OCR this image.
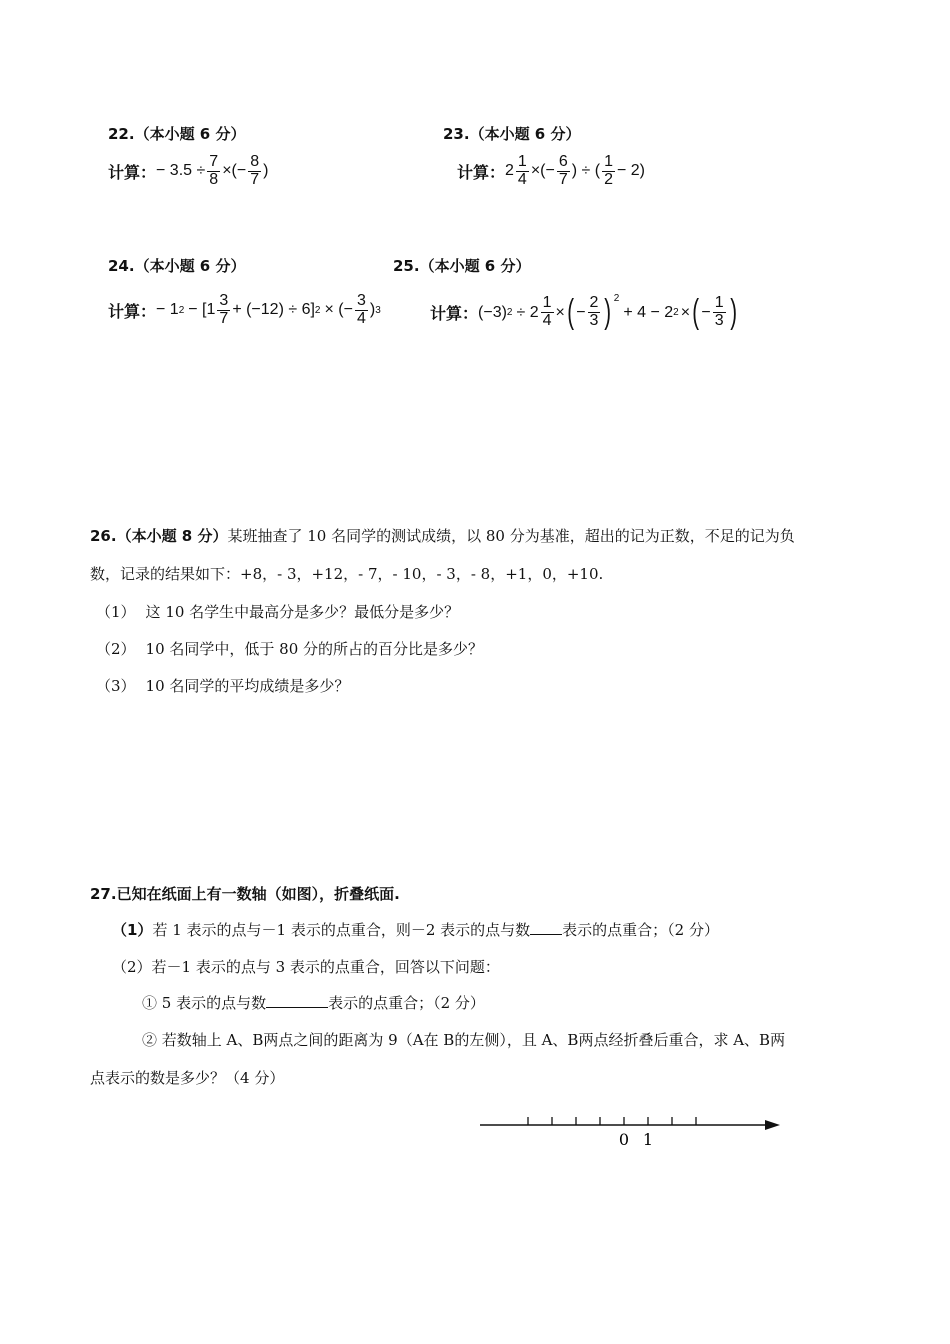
22.（本小题 6 分）
计算： − $3.5 \div \frac{7}{8}$ ×(− $\frac{8}{7}$ )
23.（本小题 6 分）
计算： $2 \frac{1}{4}$ ×(− $\frac{6}{7}$ ) ÷ ( $\frac{1}{2} - 2$)
24.（本小题 6 分）
计算： − 1 $2 - [1 \frac{3}{7} + (-12) \div 6]$ 2 × (− $\frac{3}{4}$ ) 3
25.（本小题 6 分）
计算： (−3) $2 \div 2 \frac{1}{4}$ × ( − $\frac{2}{3} )^2$
+ 4 − 2 2 × ( − $\frac{1}{3}$ )
26.（本小题 8 分）某班抽查了 10 名同学的测试成绩，以 80 分为基准，超出的记为正数，不足的记为负
数，记录的结果如下：+8，- 3，+12，- 7，- 10，- 3，- 8，+1，0，+10.
（1） 这 10 名学生中最高分是多少？最低分是多少？
（2） 10 名同学中，低于 80 分的所占的百分比是多少？
（3） 10 名同学的平均成绩是多少？
27.已知在纸面上有一数轴（如图），折叠纸面.
（1）若 1 表示的点与－1 表示的点重合，则－2 表示的点与数 表示的点重合；（2 分）
（2）若－1 表示的点与 3 表示的点重合，回答以下问题：
① 5 表示的点与数	表示的点重合；（2 分）
② 若数轴上 A、B两点之间的距离为 9（A在 B的左侧），且 A、B两点经折叠后重合，求 A、B两
点表示的数是多少？（4 分）
0 1
